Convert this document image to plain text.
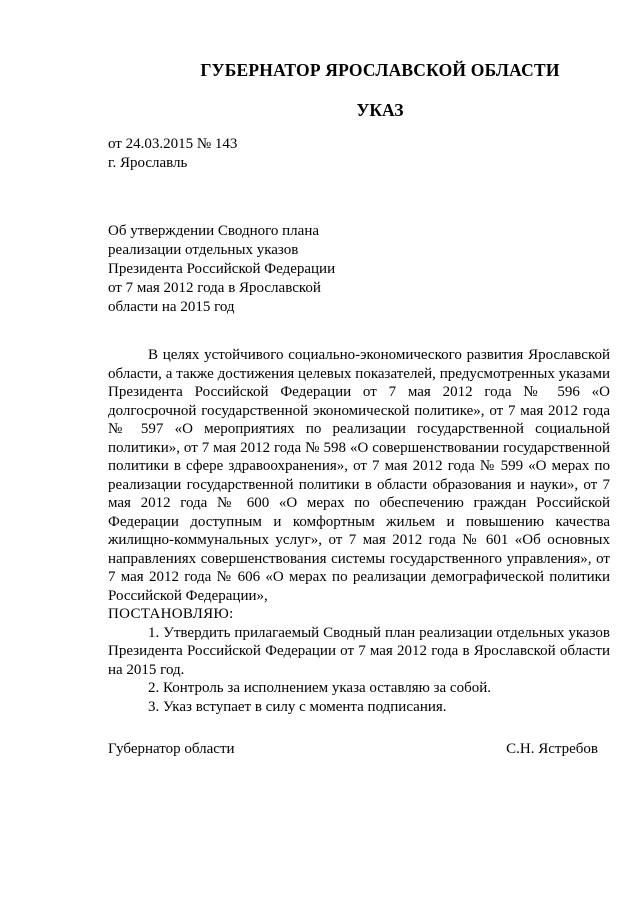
ГУБЕРНАТОР ЯРОСЛАВСКОЙ ОБЛАСТИ
УКАЗ
от 24.03.2015 № 143
г. Ярославль
Об утверждении Сводного плана
реализации отдельных указов
Президента Российской Федерации
от 7 мая 2012 года в Ярославской
области на 2015 год

В целях устойчивого социально-экономического развития Ярославской области, а также достижения целевых показателей, предусмотренных указами Президента Российской Федерации от 7 мая 2012 года № 596 «О долгосрочной государственной экономической политике», от 7 мая 2012 года № 597 «О мероприятиях по реализации государственной социальной политики», от 7 мая 2012 года № 598 «О совершенствовании государственной политики в сфере здравоохранения», от 7 мая 2012 года № 599 «О мерах по реализации государственной политики в области образования и науки», от 7 мая 2012 года № 600 «О мерах по обеспечению граждан Российской Федерации доступным и комфортным жильем и повышению качества жилищно-коммунальных услуг», от 7 мая 2012 года № 601 «Об основных направлениях совершенствования системы государственного управления», от 7 мая 2012 года № 606 «О мерах по реализации демографической политики Российской Федерации»,

ПОСТАНОВЛЯЮ:

1. Утвердить прилагаемый Сводный план реализации отдельных указов Президента Российской Федерации от 7 мая 2012 года в Ярославской области на 2015 год.

2. Контроль за исполнением указа оставляю за собой.

3. Указ вступает в силу с момента подписания.

Губернатор области	С.Н. Ястребов
